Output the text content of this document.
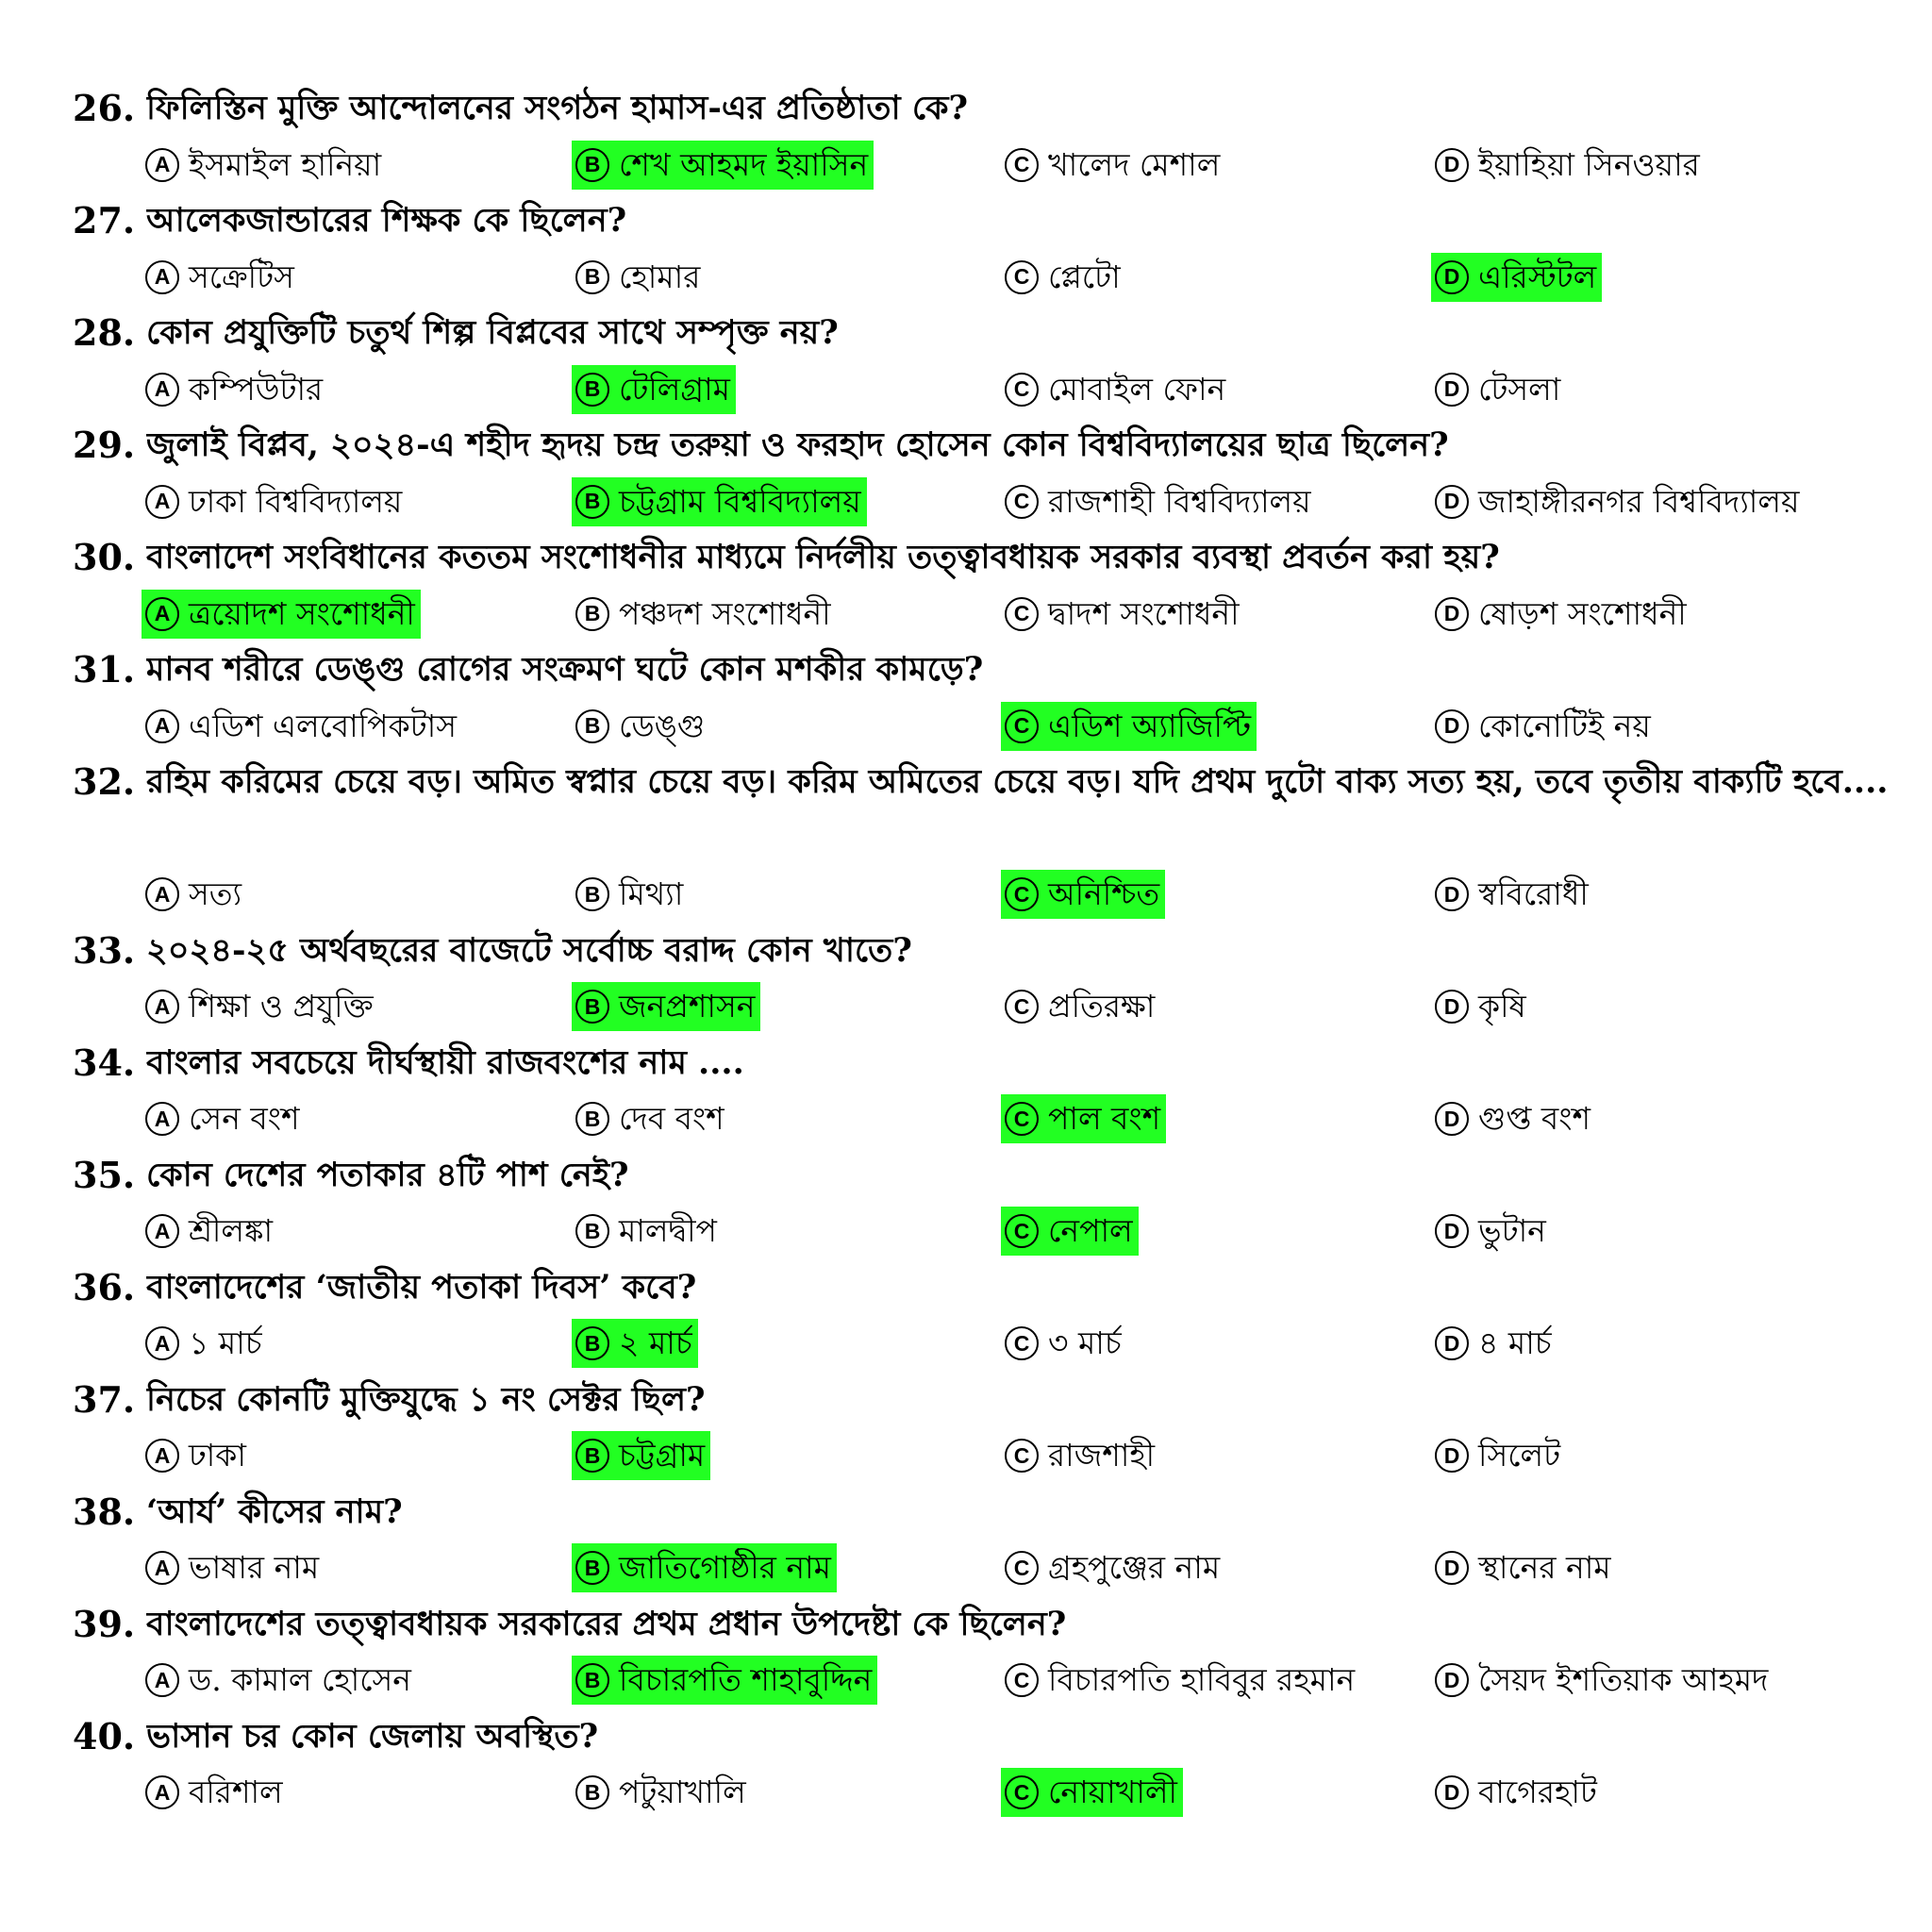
26. ফিলিস্তিন মুক্তি আন্দোলনের সংগঠন হামাস-এর প্রতিষ্ঠাতা কে?
A ইসমাইল হানিয়া	B শেখ আহমদ ইয়াসিন	C খালেদ মেশাল	D ইয়াহিয়া সিনওয়ার
27. আলেকজান্ডারের শিক্ষক কে ছিলেন?
A সক্রেটিস	B হোমার	C প্লেটো	D এরিস্টটল
28. কোন প্রযুক্তিটি চতুর্থ শিল্প বিপ্লবের সাথে সম্পৃক্ত নয়?
A কম্পিউটার	B টেলিগ্রাম	C মোবাইল ফোন	D টেসলা
29. জুলাই বিপ্লব, ২০২৪-এ শহীদ হৃদয় চন্দ্র তরুয়া ও ফরহাদ হোসেন কোন বিশ্ববিদ্যালয়ের ছাত্র ছিলেন?
A ঢাকা বিশ্ববিদ্যালয়	B চট্টগ্রাম বিশ্ববিদ্যালয়	C রাজশাহী বিশ্ববিদ্যালয়	D জাহাঙ্গীরনগর বিশ্ববিদ্যালয়
30. বাংলাদেশ সংবিধানের কততম সংশোধনীর মাধ্যমে নির্দলীয় তত্ত্বাবধায়ক সরকার ব্যবস্থা প্রবর্তন করা হয়?
A ত্রয়োদশ সংশোধনী	B পঞ্চদশ সংশোধনী	C দ্বাদশ সংশোধনী	D ষোড়শ সংশোধনী
31. মানব শরীরে ডেঙ্গু রোগের সংক্রমণ ঘটে কোন মশকীর কামড়ে?
A এডিশ এলবোপিকটাস	B ডেঙ্গু	C এডিশ অ্যাজিপ্টি	D কোনোটিই নয়
32. রহিম করিমের চেয়ে বড়। অমিত স্বপ্নার চেয়ে বড়। করিম অমিতের চেয়ে বড়। যদি প্রথম দুটো বাক্য সত্য হয়, তবে তৃতীয় বাক্যটি হবে....
A সত্য	B মিথ্যা	C অনিশ্চিত	D স্ববিরোধী
33. ২০২৪-২৫ অর্থবছরের বাজেটে সর্বোচ্চ বরাদ্দ কোন খাতে?
A শিক্ষা ও প্রযুক্তি	B জনপ্রশাসন	C প্রতিরক্ষা	D কৃষি
34. বাংলার সবচেয়ে দীর্ঘস্থায়ী রাজবংশের নাম ....
A সেন বংশ	B দেব বংশ	C পাল বংশ	D গুপ্ত বংশ
35. কোন দেশের পতাকার ৪টি পাশ নেই?
A শ্রীলঙ্কা	B মালদ্বীপ	C নেপাল	D ভুটান
36. বাংলাদেশের ‘জাতীয় পতাকা দিবস’ কবে?
A ১ মার্চ	B ২ মার্চ	C ৩ মার্চ	D ৪ মার্চ
37. নিচের কোনটি মুক্তিযুদ্ধে ১ নং সেক্টর ছিল?
A ঢাকা	B চট্টগ্রাম	C রাজশাহী	D সিলেট
38. ‘আর্য’ কীসের নাম?
A ভাষার নাম	B জাতিগোষ্ঠীর নাম	C গ্রহপুঞ্জের নাম	D স্থানের নাম
39. বাংলাদেশের তত্ত্বাবধায়ক সরকারের প্রথম প্রধান উপদেষ্টা কে ছিলেন?
A ড. কামাল হোসেন	B বিচারপতি শাহাবুদ্দিন	C বিচারপতি হাবিবুর রহমান	D সৈয়দ ইশতিয়াক আহমদ
40. ভাসান চর কোন জেলায় অবস্থিত?
A বরিশাল	B পটুয়াখালি	C নোয়াখালী	D বাগেরহাট
